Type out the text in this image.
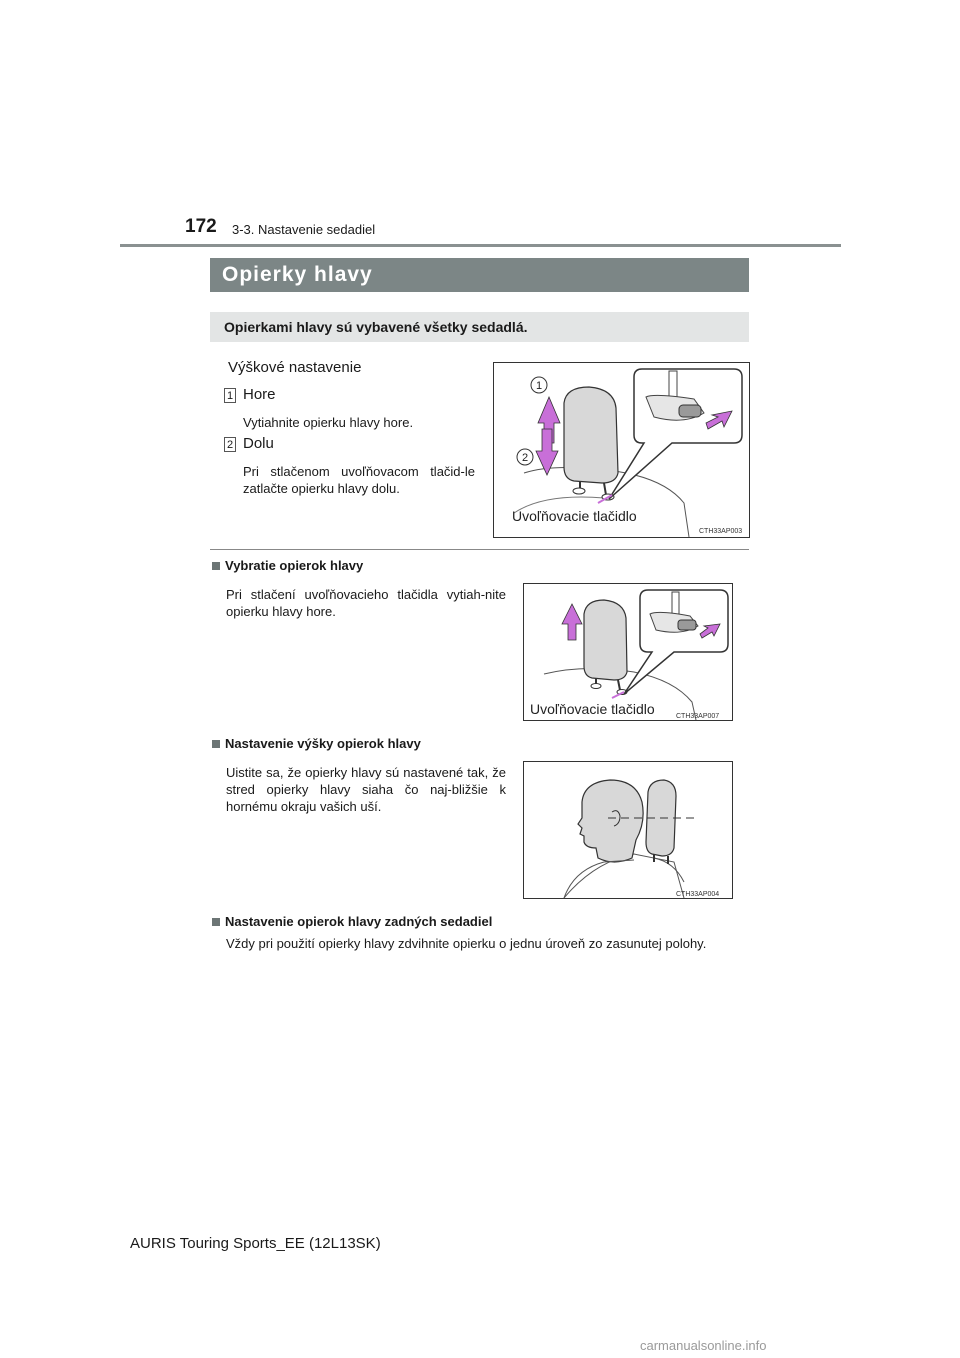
172 3-3. Nastavenie sedadiel
Opierky hlavy
Opierkami hlavy sú vybavené všetky sedadlá.
Výškové nastavenie
1 Hore
Vytiahnite opierku hlavy hore.
2 Dolu
Pri stlačenom uvoľňovacom tlačid-le zatlačte opierku hlavy dolu.
1
2
Uvoľňovacie tlačidlo
CTH33AP003
Vybratie opierok hlavy
Pri stlačení uvoľňovacieho tlačidla vytiah-nite opierku hlavy hore.
Uvoľňovacie tlačidlo	CTH33AP007
Nastavenie výšky opierok hlavy
Uistite sa, že opierky hlavy sú nastavené tak, že stred opierky hlavy siaha čo naj-bližšie k hornému okraju vašich uší.
CTH33AP004
Nastavenie opierok hlavy zadných sedadiel
Vždy pri použití opierky hlavy zdvihnite opierku o jednu úroveň zo zasunutej polohy.
AURIS Touring Sports_EE (12L13SK)
carmanualsonline.info
